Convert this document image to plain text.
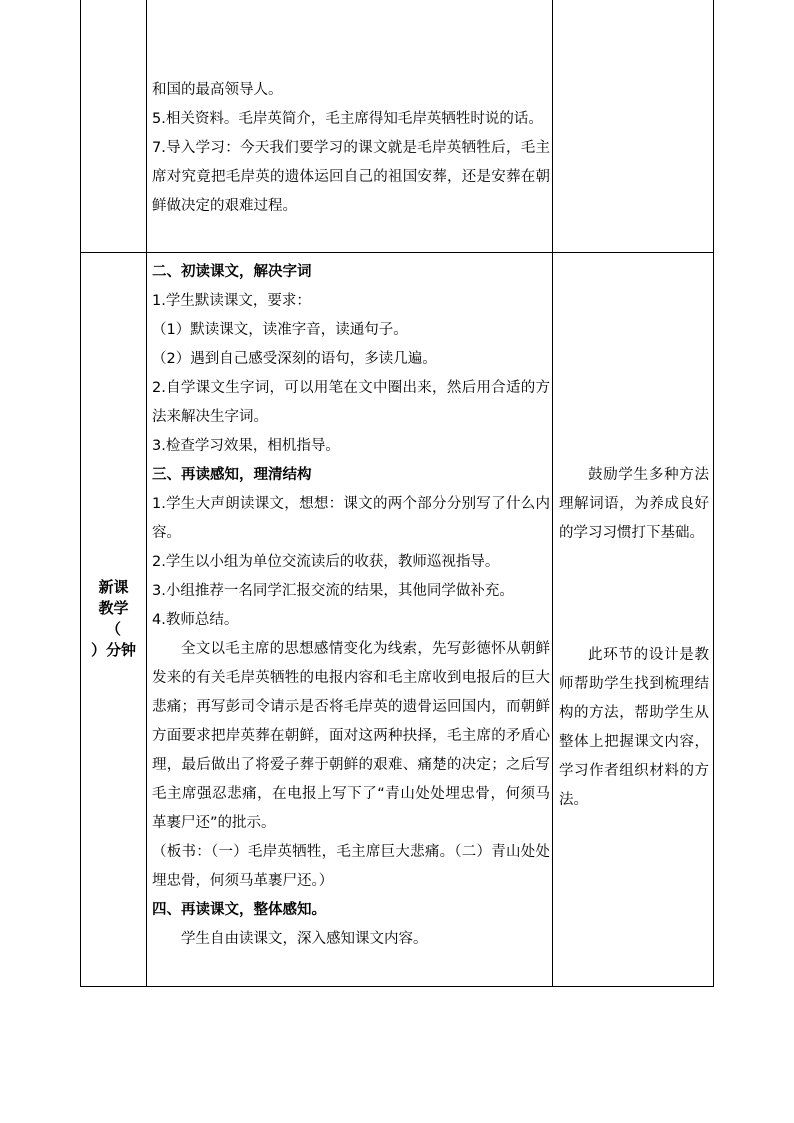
和国的最高领导人。

5.相关资料。毛岸英简介，毛主席得知毛岸英牺牲时说的话。

7.导入学习：今天我们要学习的课文就是毛岸英牺牲后，毛主席对究竟把毛岸英的遗体运回自己的祖国安葬，还是安葬在朝鲜做决定的艰难过程。

新课
教学
（
）分钟

二、初读课文，解决字词

1.学生默读课文，要求：

（1）默读课文，读准字音，读通句子。

（2）遇到自己感受深刻的语句，多读几遍。

2.自学课文生字词，可以用笔在文中圈出来，然后用合适的方法来解决生字词。

3.检查学习效果，相机指导。

三、再读感知，理清结构

1.学生大声朗读课文，想想：课文的两个部分分别写了什么内容。

2.学生以小组为单位交流读后的收获，教师巡视指导。

3.小组推荐一名同学汇报交流的结果，其他同学做补充。

4.教师总结。

全文以毛主席的思想感情变化为线索，先写彭德怀从朝鲜发来的有关毛岸英牺牲的电报内容和毛主席收到电报后的巨大悲痛；再写彭司令请示是否将毛岸英的遗骨运回国内，而朝鲜方面要求把岸英葬在朝鲜，面对这两种抉择，毛主席的矛盾心理，最后做出了将爱子葬于朝鲜的艰难、痛楚的决定；之后写毛主席强忍悲痛，在电报上写下了“青山处处埋忠骨，何须马革裹尸还”的批示。

（板书：（一）毛岸英牺牲，毛主席巨大悲痛。（二）青山处处埋忠骨，何须马革裹尸还。）

四、再读课文，整体感知。

学生自由读课文，深入感知课文内容。

鼓励学生多种方法理解词语，为养成良好的学习习惯打下基础。

此环节的设计是教师帮助学生找到梳理结构的方法，帮助学生从整体上把握课文内容，学习作者组织材料的方法。
